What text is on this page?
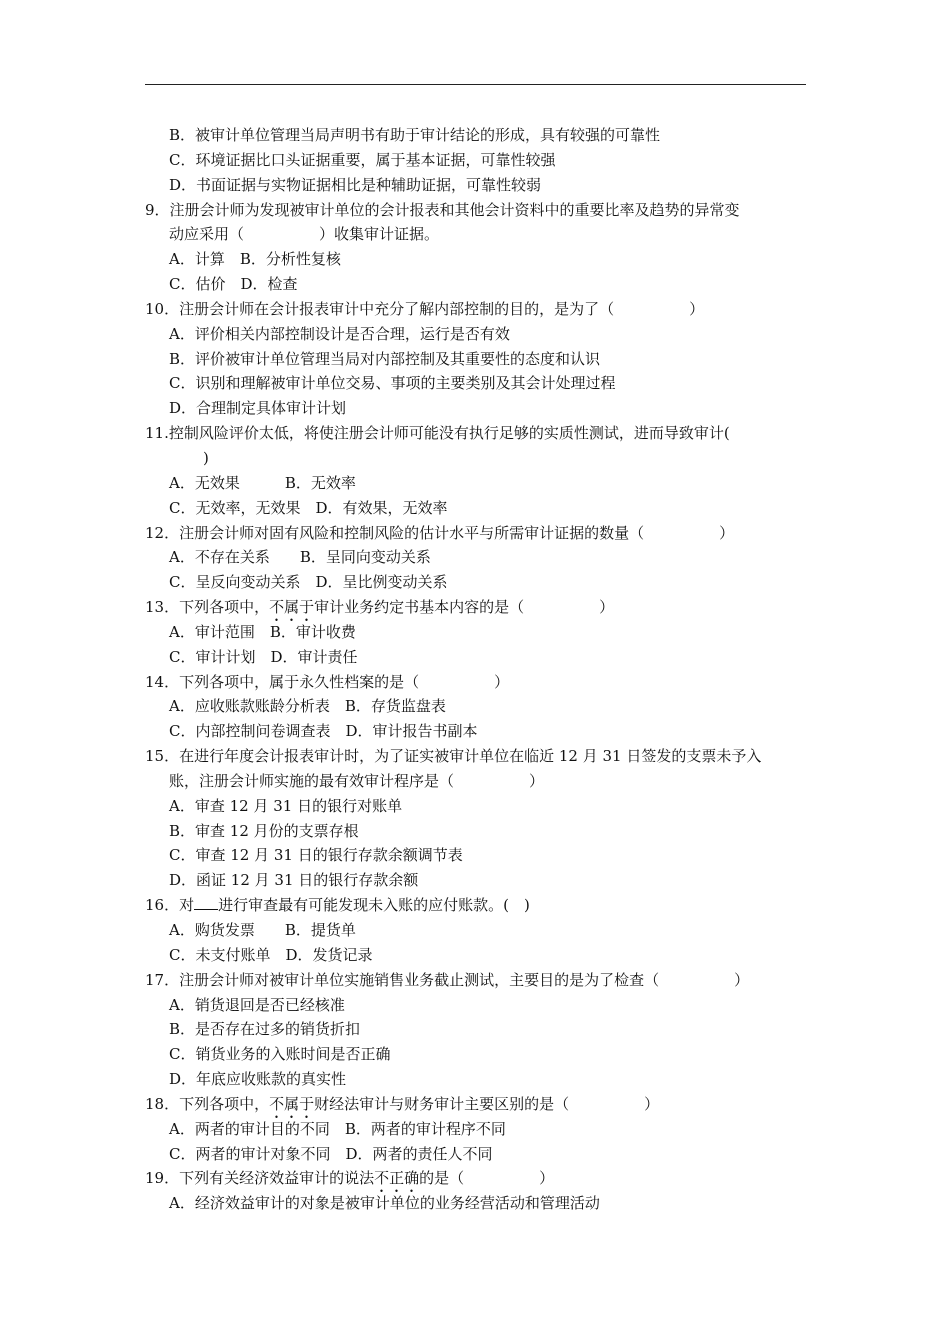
B．被审计单位管理当局声明书有助于审计结论的形成，具有较强的可靠性
C．环境证据比口头证据重要，属于基本证据，可靠性较强
D．书面证据与实物证据相比是种辅助证据，可靠性较弱
9．注册会计师为发现被审计单位的会计报表和其他会计资料中的重要比率及趋势的异常变
动应采用（　　　　　）收集审计证据。
A．计算　B．分析性复核
C．估价　D．检查
10．注册会计师在会计报表审计中充分了解内部控制的目的，是为了（　　　　　）
A．评价相关内部控制设计是否合理，运行是否有效
B．评价被审计单位管理当局对内部控制及其重要性的态度和认识
C．识别和理解被审计单位交易、事项的主要类别及其会计处理过程
D．合理制定具体审计计划
11.控制风险评价太低，将使注册会计师可能没有执行足够的实质性测试，进而导致审计(
)
A．无效果　　　B．无效率
C．无效率，无效果　D．有效果，无效率
12．注册会计师对固有风险和控制风险的估计水平与所需审计证据的数量（　　　　　）
A．不存在关系　　B．呈同向变动关系
C．呈反向变动关系　D．呈比例变动关系
13．下列各项中，不属于审计业务约定书基本内容的是（　　　　　）
A．审计范围　B．审计收费
C．审计计划　D．审计责任
14．下列各项中，属于永久性档案的是（　　　　　）
A．应收账款账龄分析表　B．存货监盘表
C．内部控制问卷调查表　D．审计报告书副本
15．在进行年度会计报表审计时，为了证实被审计单位在临近 12 月 31 日签发的支票未予入
账，注册会计师实施的最有效审计程序是（　　　　　）
A．审查 12 月 31 日的银行对账单
B．审查 12 月份的支票存根
C．审查 12 月 31 日的银行存款余额调节表
D．函证 12 月 31 日的银行存款余额
16．对 进行审查最有可能发现未入账的应付账款。(　)
A．购货发票　　B．提货单
C．未支付账单　D．发货记录
17．注册会计师对被审计单位实施销售业务截止测试，主要目的是为了检查（　　　　　）
A．销货退回是否已经核准
B．是否存在过多的销货折扣
C．销货业务的入账时间是否正确
D．年底应收账款的真实性
18．下列各项中，不属于财经法审计与财务审计主要区别的是（　　　　　）
A．两者的审计目的不同　B．两者的审计程序不同
C．两者的审计对象不同　D．两者的责任人不同
19．下列有关经济效益审计的说法不正确的是（　　　　　）
A．经济效益审计的对象是被审计单位的业务经营活动和管理活动
